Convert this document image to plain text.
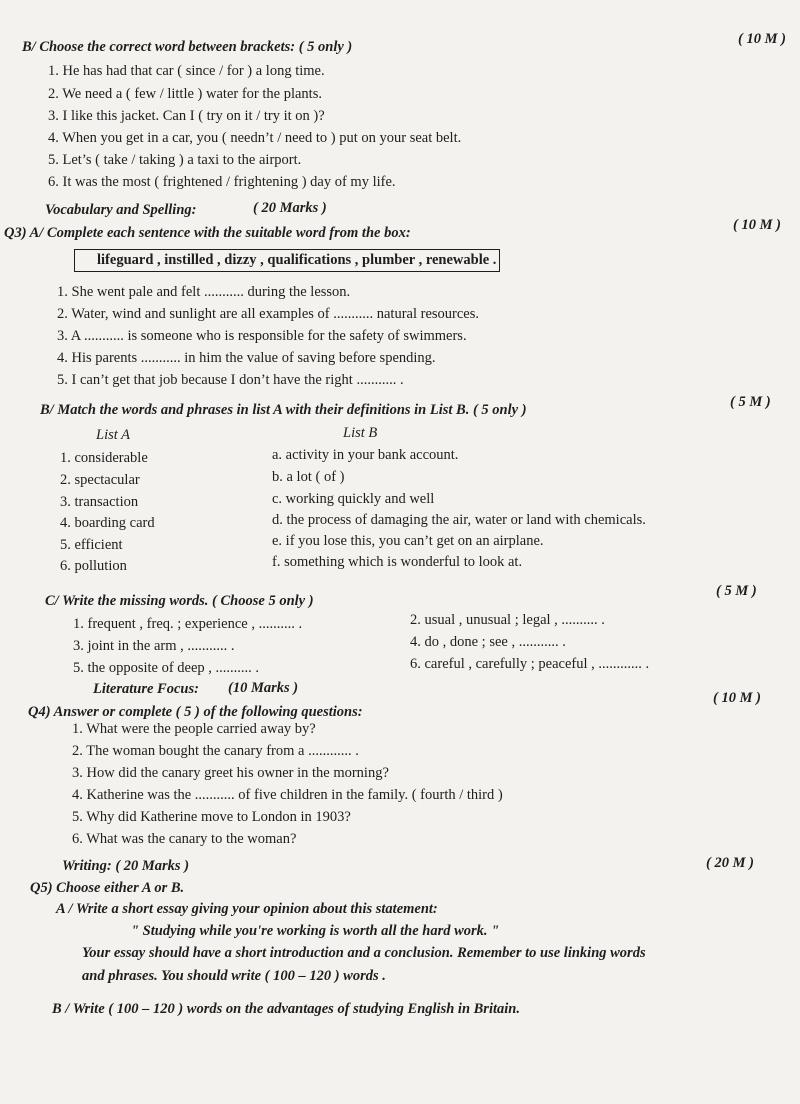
B/ Choose the correct word between brackets: ( 5 only )	( 10 M )
1. He has had that car ( since / for ) a long time.
2. We need a ( few / little ) water for the plants.
3. I like this jacket. Can I ( try on it / try it on )?
4. When you get in a car, you ( needn’t / need to ) put on your seat belt.
5. Let’s ( take / taking ) a taxi to the airport.
6. It was the most ( frightened / frightening ) day of my life.
Vocabulary and Spelling:	( 20 Marks )
Q3) A/ Complete each sentence with the suitable word from the box:	( 10 M )
lifeguard , instilled , dizzy , qualifications , plumber , renewable .
1. She went pale and felt ........... during the lesson.
2. Water, wind and sunlight are all examples of ........... natural resources.
3. A ........... is someone who is responsible for the safety of swimmers.
4. His parents ........... in him the value of saving before spending.
5. I can’t get that job because I don’t have the right ........... .
B/ Match the words and phrases in list A with their definitions in List B. ( 5 only )	( 5 M )
List A	List B
1. considerable
2. spectacular
3. transaction
4. boarding card
5. efficient
6. pollution
a. activity in your bank account.
b. a lot ( of )
c. working quickly and well
d. the process of damaging the air, water or land with chemicals.
e. if you lose this, you can’t get on an airplane.
f. something which is wonderful to look at.
C/ Write the missing words. ( Choose 5 only )
( 5 M )
1. frequent , freq. ; experience , .......... .
3. joint in the arm , ........... .
5. the opposite of deep , .......... .
2. usual , unusual ; legal , .......... .
4. do , done ; see , ........... .
6. careful , carefully ; peaceful , ............ .
Literature Focus: (10 Marks )
Q4) Answer or complete ( 5 ) of the following questions:
( 10 M )
1. What were the people carried away by?
2. The woman bought the canary from a ............ .
3. How did the canary greet his owner in the morning?
4. Katherine was the ........... of five children in the family. ( fourth / third )
5. Why did Katherine move to London in 1903?
6. What was the canary to the woman?
Writing: ( 20 Marks )	( 20 M )
Q5) Choose either A or B.
A / Write a short essay giving your opinion about this statement:
" Studying while you're working is worth all the hard work. "
Your essay should have a short introduction and a conclusion. Remember to use linking words
and phrases. You should write ( 100 – 120 ) words .
B / Write ( 100 – 120 ) words on the advantages of studying English in Britain.
